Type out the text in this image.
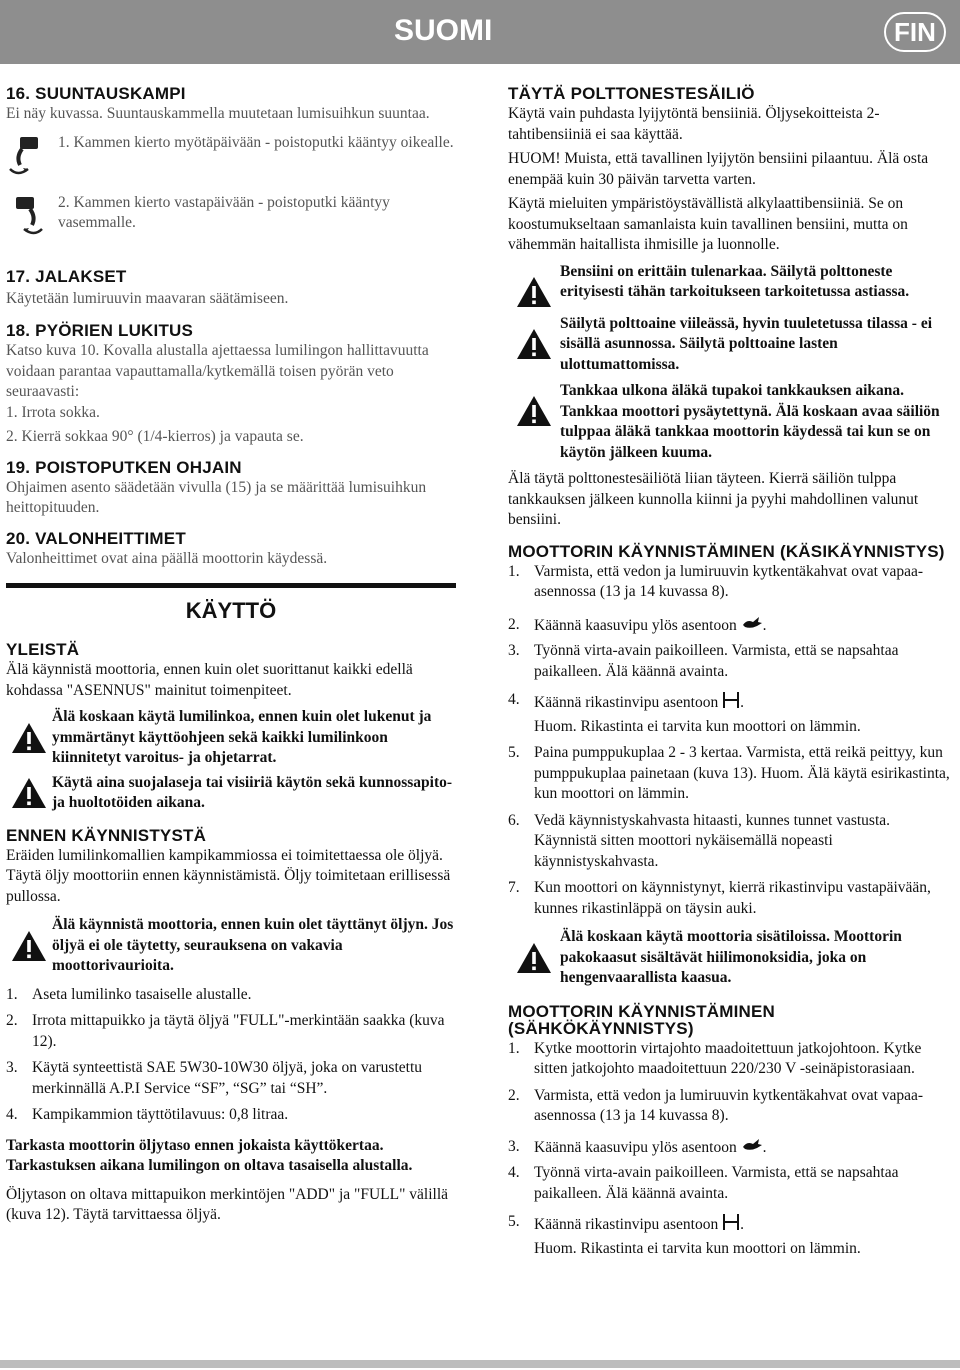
SUOMI	FIN
16. SUUNTAUSKAMPI

Ei näy kuvassa. Suuntauskammella muutetaan lumisuihkun suuntaa.

1. Kammen kierto myötäpäivään - poistoputki kääntyy oikealle.

2. Kammen kierto vastapäivään - poistoputki kääntyy vasemmalle.

17. JALAKSET

Käytetään lumiruuvin maavaran säätämiseen.

18. PYÖRIEN LUKITUS

Katso kuva 10. Kovalla alustalla ajettaessa lumilingon hallittavuutta voidaan parantaa vapauttamalla/kytkemällä toisen pyörän veto seuraavasti:

1. Irrota sokka.

2. Kierrä sokkaa 90° (1/4-kierros) ja vapauta se.

19. POISTOPUTKEN OHJAIN

Ohjaimen asento säädetään vivulla (15) ja se määrittää lumisuihkun heittopituuden.

20. VALONHEITTIMET

Valonheittimet ovat aina päällä moottorin käydessä.

KÄYTTÖ
YLEISTÄ

Älä käynnistä moottoria, ennen kuin olet suorittanut kaikki edellä kohdassa "ASENNUS" mainitut toimenpiteet.

Älä koskaan käytä lumilinkoa, ennen kuin olet lukenut ja ymmärtänyt käyttöohjeen sekä kaikki lumilinkoon kiinnitetyt varoitus- ja ohjetarrat.

Käytä aina suojalaseja tai visiiriä käytön sekä kunnossapito- ja huoltotöiden aikana.

ENNEN KÄYNNISTYSTÄ

Eräiden lumilinkomallien kampikammiossa ei toimitettaessa ole öljyä. Täytä öljy moottoriin ennen käynnistämistä. Öljy toimitetaan erillisessä pullossa.

Älä käynnistä moottoria, ennen kuin olet täyttänyt öljyn. Jos öljyä ei ole täytetty, seurauksena on vakavia moottorivaurioita.

1. Aseta lumilinko tasaiselle alustalle.
2. Irrota mittapuikko ja täytä öljyä "FULL"-merkintään saakka (kuva 12).
3. Käytä synteettistä SAE 5W30-10W30 öljyä, joka on varustettu merkinnällä A.P.I Service “SF”, “SG” tai “SH”.
4. Kampikammion täyttötilavuus: 0,8 litraa.

Tarkasta moottorin öljytaso ennen jokaista käyttökertaa. Tarkastuksen aikana lumilingon on oltava tasaisella alustalla.

Öljytason on oltava mittapuikon merkintöjen "ADD" ja "FULL" välillä (kuva 12). Täytä tarvittaessa öljyä.

TÄYTÄ POLTTONESTESÄILIÖ

Käytä vain puhdasta lyijytöntä bensiiniä. Öljysekoitteista 2-tahtibensiiniä ei saa käyttää.

HUOM! Muista, että tavallinen lyijytön bensiini pilaantuu. Älä osta enempää kuin 30 päivän tarvetta varten.

Käytä mieluiten ympäristöystävällistä alkylaattibensiiniä. Se on koostumukseltaan samanlaista kuin tavallinen bensiini, mutta on vähemmän haitallista ihmisille ja luonnolle.

Bensiini on erittäin tulenarkaa. Säilytä polttoneste erityisesti tähän tarkoitukseen tarkoitetussa astiassa.

Säilytä polttoaine viileässä, hyvin tuuletetussa tilassa - ei sisällä asunnossa. Säilytä polttoaine lasten ulottumattomissa.

Tankkaa ulkona äläkä tupakoi tankkauksen aikana. Tankkaa moottori pysäytettynä. Älä koskaan avaa säiliön tulppaa äläkä tankkaa moottorin käydessä tai kun se on käytön jälkeen kuuma.

Älä täytä polttonestesäiliötä liian täyteen. Kierrä säiliön tulppa tankkauksen jälkeen kunnolla kiinni ja pyyhi mahdollinen valunut bensiini.

MOOTTORIN KÄYNNISTÄMINEN (KÄSIKÄYNNISTYS)
1. Varmista, että vedon ja lumiruuvin kytkentäkahvat ovat vapaa-asennossa (13 ja 14 kuvassa 8).
2. Käännä kaasuvipu ylös asentoon .
3. Työnnä virta-avain paikoilleen. Varmista, että se napsahtaa paikalleen. Älä käännä avainta.
4. Käännä rikastinvipu asentoon .
Huom. Rikastinta ei tarvita kun moottori on lämmin.
5. Paina pumppukuplaa 2 - 3 kertaa. Varmista, että reikä peittyy, kun pumppukuplaa painetaan (kuva 13). Huom. Älä käytä esirikastinta, kun moottori on lämmin.
6. Vedä käynnistyskahvasta hitaasti, kunnes tunnet vastusta. Käynnistä sitten moottori nykäisemällä nopeasti käynnistyskahvasta.
7. Kun moottori on käynnistynyt, kierrä rikastinvipu vastapäivään, kunnes rikastinläppä on täysin auki.

Älä koskaan käytä moottoria sisätiloissa. Moottorin pakokaasut sisältävät hiilimonoksidia, joka on hengenvaarallista kaasua.

MOOTTORIN KÄYNNISTÄMINEN (SÄHKÖKÄYNNISTYS)
1. Kytke moottorin virtajohto maadoitettuun jatkojohtoon. Kytke sitten jatkojohto maadoitettuun 220/230 V -seinäpistorasiaan.
2. Varmista, että vedon ja lumiruuvin kytkentäkahvat ovat vapaa-asennossa (13 ja 14 kuvassa 8).
3. Käännä kaasuvipu ylös asentoon .
4. Työnnä virta-avain paikoilleen. Varmista, että se napsahtaa paikalleen. Älä käännä avainta.
5. Käännä rikastinvipu asentoon .
Huom. Rikastinta ei tarvita kun moottori on lämmin.
